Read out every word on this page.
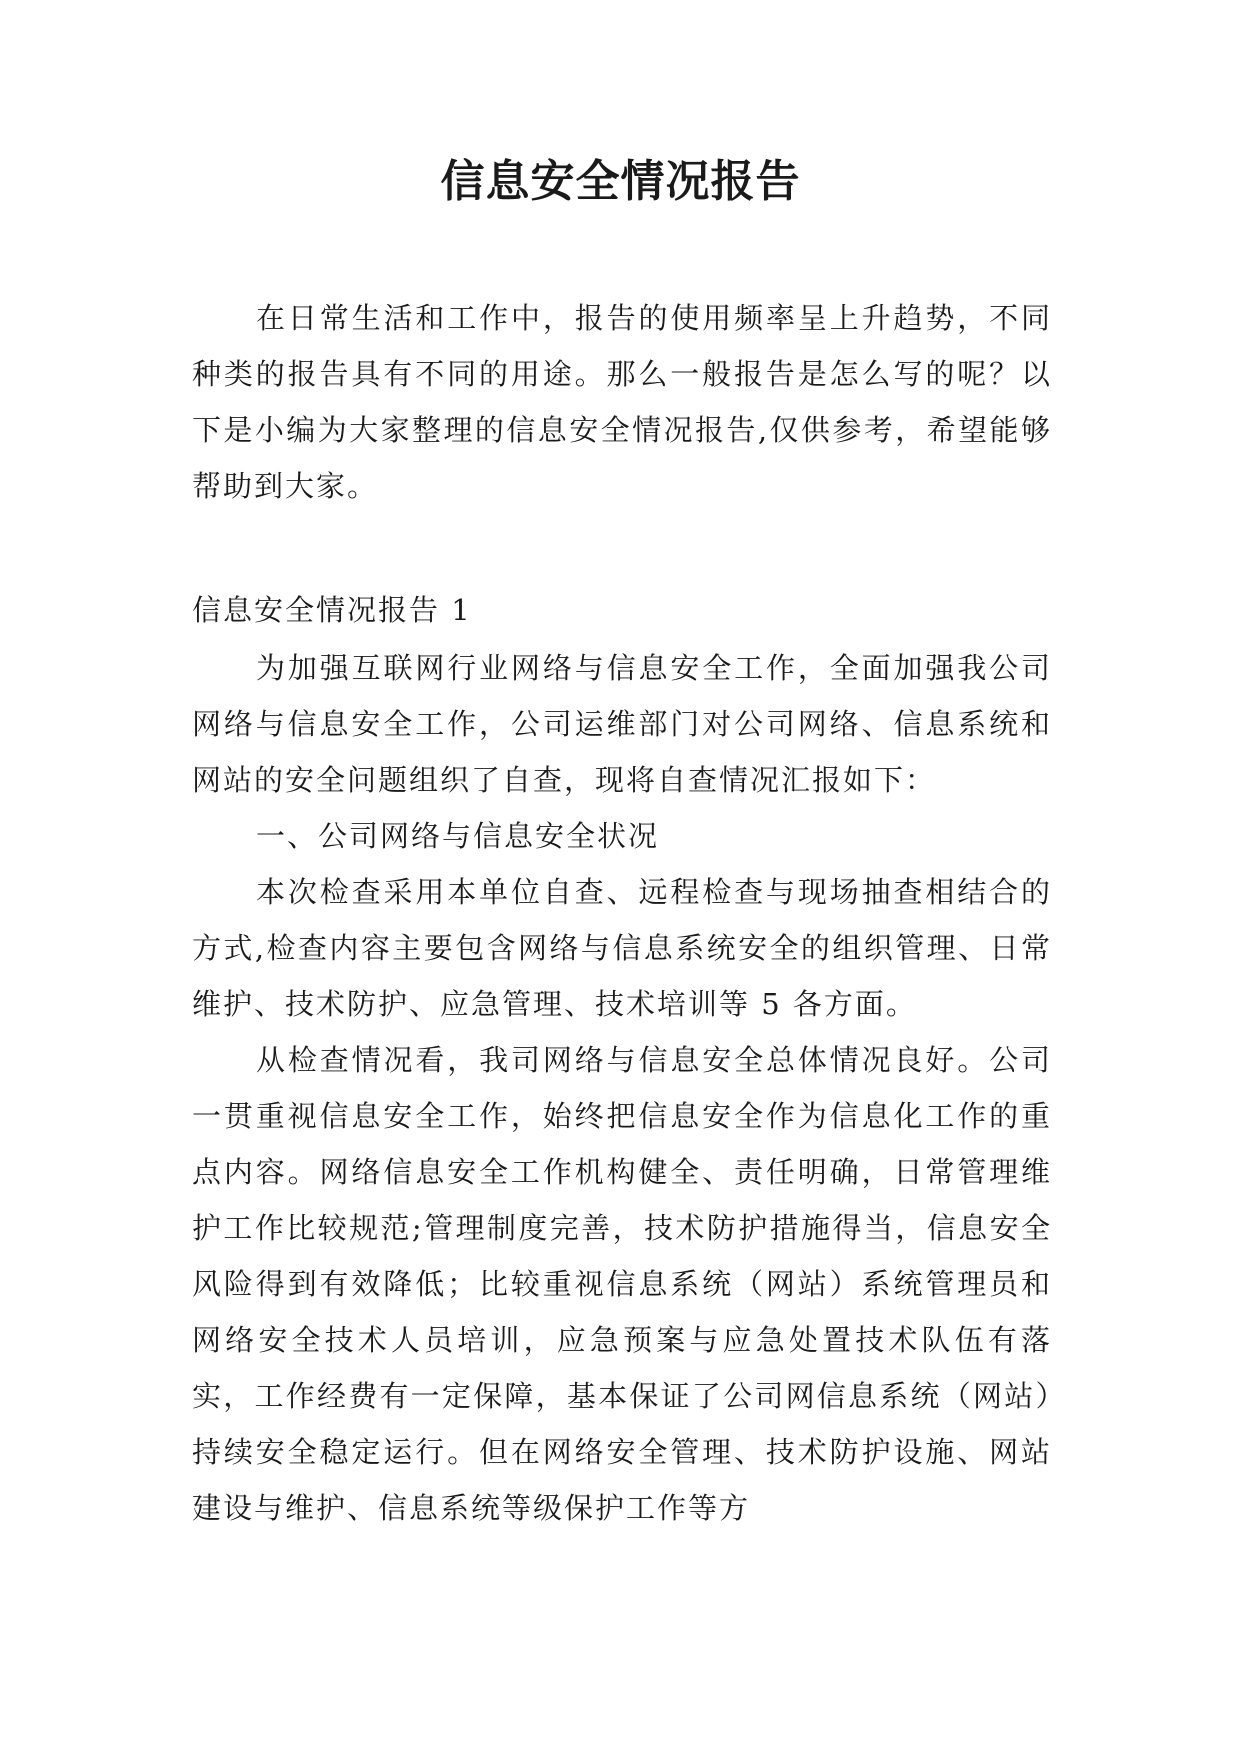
信息安全情况报告

在日常生活和工作中，报告的使用频率呈上升趋势，不同种类的报告具有不同的用途。那么一般报告是怎么写的呢？以下是小编为大家整理的信息安全情况报告,仅供参考，希望能够帮助到大家。

信息安全情况报告 1

为加强互联网行业网络与信息安全工作，全面加强我公司网络与信息安全工作，公司运维部门对公司网络、信息系统和网站的安全问题组织了自查，现将自查情况汇报如下：

一、公司网络与信息安全状况

本次检查采用本单位自查、远程检查与现场抽查相结合的方式,检查内容主要包含网络与信息系统安全的组织管理、日常维护、技术防护、应急管理、技术培训等 5 各方面。

从检查情况看，我司网络与信息安全总体情况良好。公司一贯重视信息安全工作，始终把信息安全作为信息化工作的重点内容。网络信息安全工作机构健全、责任明确，日常管理维护工作比较规范;管理制度完善，技术防护措施得当，信息安全风险得到有效降低；比较重视信息系统（网站）系统管理员和网络安全技术人员培训，应急预案与应急处置技术队伍有落实，工作经费有一定保障，基本保证了公司网信息系统（网站）持续安全稳定运行。但在网络安全管理、技术防护设施、网站建设与维护、信息系统等级保护工作等方
